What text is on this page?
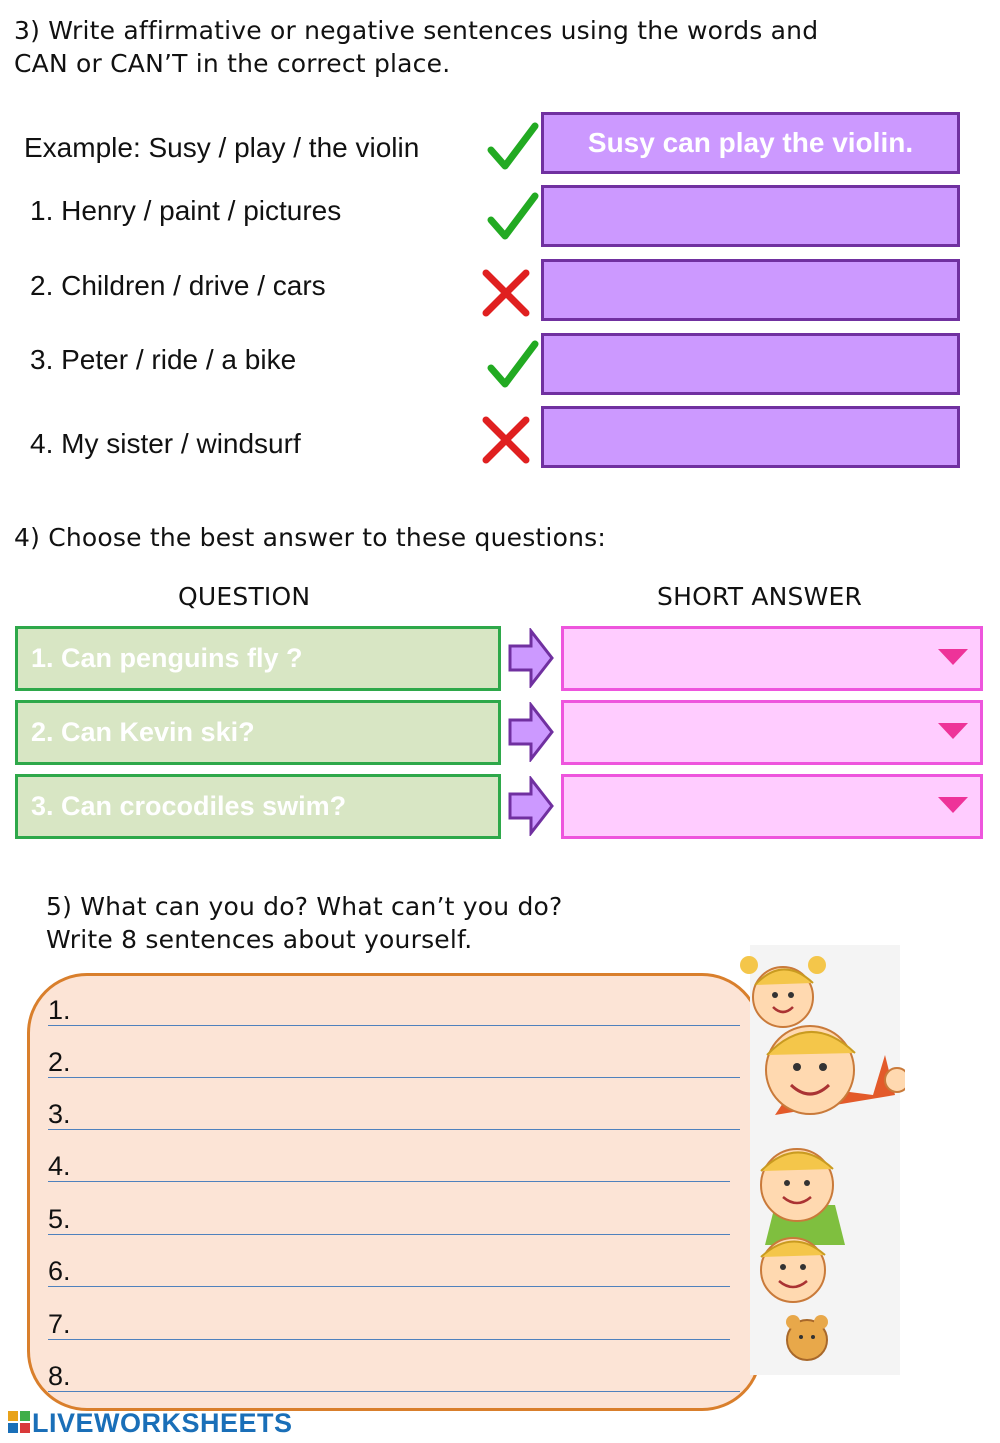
3) Write affirmative or negative sentences using the words and
CAN or CAN’T in the correct place.
Example: Susy / play / the violin	Susy can play the violin.
1. Henry / paint / pictures
2. Children / drive / cars
3. Peter / ride / a bike
4. My sister / windsurf
4) Choose the best answer to these questions:
QUESTION	SHORT ANSWER
1. Can penguins fly ?
2. Can Kevin ski?
3. Can crocodiles swim?
5) What can you do? What can’t you do?
Write 8 sentences about yourself.
1.
2.
3.
4.
5.
6.
7.
8.
LIVEWORKSHEETS
